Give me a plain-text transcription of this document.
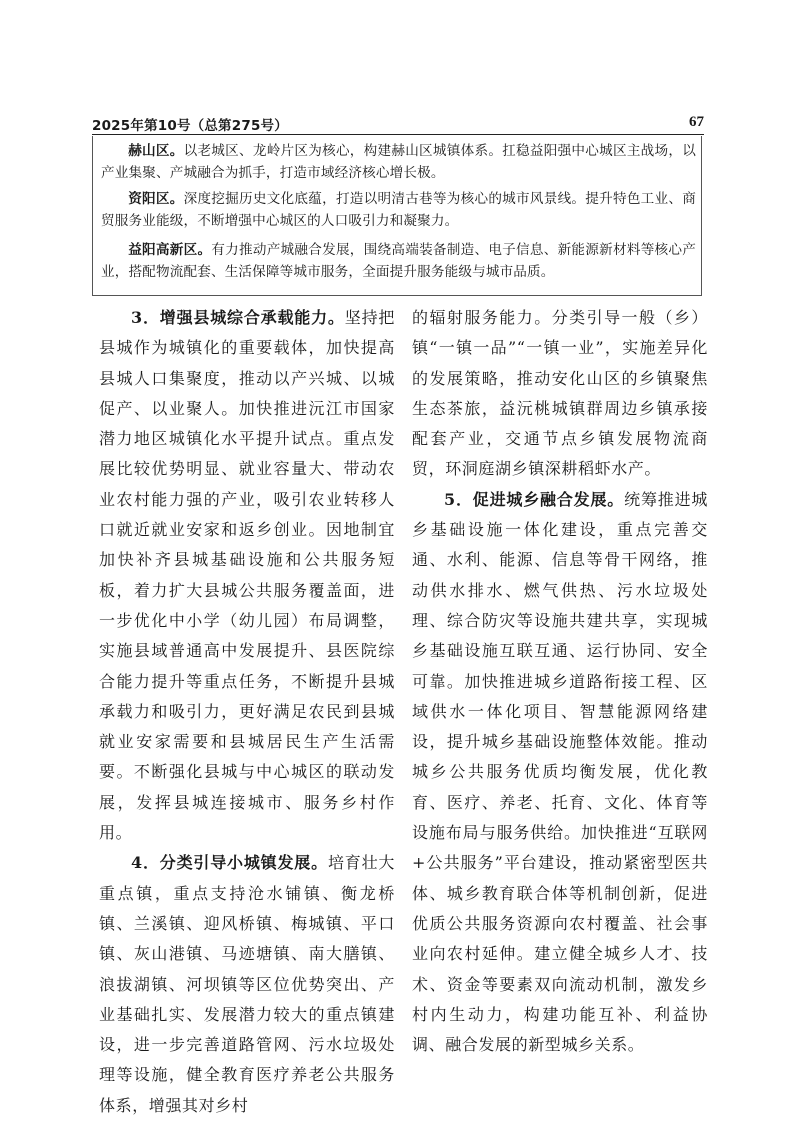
2025年第10号（总第275号）	67

赫山区。以老城区、龙岭片区为核心，构建赫山区城镇体系。扛稳益阳强中心城区主战场，以产业集聚、产城融合为抓手，打造市域经济核心增长极。

资阳区。深度挖掘历史文化底蕴，打造以明清古巷等为核心的城市风景线。提升特色工业、商贸服务业能级，不断增强中心城区的人口吸引力和凝聚力。

益阳高新区。有力推动产城融合发展，围绕高端装备制造、电子信息、新能源新材料等核心产业，搭配物流配套、生活保障等城市服务，全面提升服务能级与城市品质。

3．增强县城综合承载能力。坚持把县城作为城镇化的重要载体，加快提高县城人口集聚度，推动以产兴城、以城促产、以业聚人。加快推进沅江市国家潜力地区城镇化水平提升试点。重点发展比较优势明显、就业容量大、带动农业农村能力强的产业，吸引农业转移人口就近就业安家和返乡创业。因地制宜加快补齐县城基础设施和公共服务短板，着力扩大县城公共服务覆盖面，进一步优化中小学（幼儿园）布局调整，实施县域普通高中发展提升、县医院综合能力提升等重点任务，不断提升县城承载力和吸引力，更好满足农民到县城就业安家需要和县城居民生产生活需要。不断强化县城与中心城区的联动发展，发挥县城连接城市、服务乡村作用。

4．分类引导小城镇发展。培育壮大重点镇，重点支持沧水铺镇、衡龙桥镇、兰溪镇、迎风桥镇、梅城镇、平口镇、灰山港镇、马迹塘镇、南大膳镇、浪拔湖镇、河坝镇等区位优势突出、产业基础扎实、发展潜力较大的重点镇建设，进一步完善道路管网、污水垃圾处理等设施，健全教育医疗养老公共服务体系，增强其对乡村

的辐射服务能力。分类引导一般（乡）镇“一镇一品”“一镇一业”，实施差异化的发展策略，推动安化山区的乡镇聚焦生态茶旅，益沅桃城镇群周边乡镇承接配套产业，交通节点乡镇发展物流商贸，环洞庭湖乡镇深耕稻虾水产。

5．促进城乡融合发展。统筹推进城乡基础设施一体化建设，重点完善交通、水利、能源、信息等骨干网络，推动供水排水、燃气供热、污水垃圾处理、综合防灾等设施共建共享，实现城乡基础设施互联互通、运行协同、安全可靠。加快推进城乡道路衔接工程、区域供水一体化项目、智慧能源网络建设，提升城乡基础设施整体效能。推动城乡公共服务优质均衡发展，优化教育、医疗、养老、托育、文化、体育等设施布局与服务供给。加快推进“互联网+公共服务”平台建设，推动紧密型医共体、城乡教育联合体等机制创新，促进优质公共服务资源向农村覆盖、社会事业向农村延伸。建立健全城乡人才、技术、资金等要素双向流动机制，激发乡村内生动力，构建功能互补、利益协调、融合发展的新型城乡关系。
